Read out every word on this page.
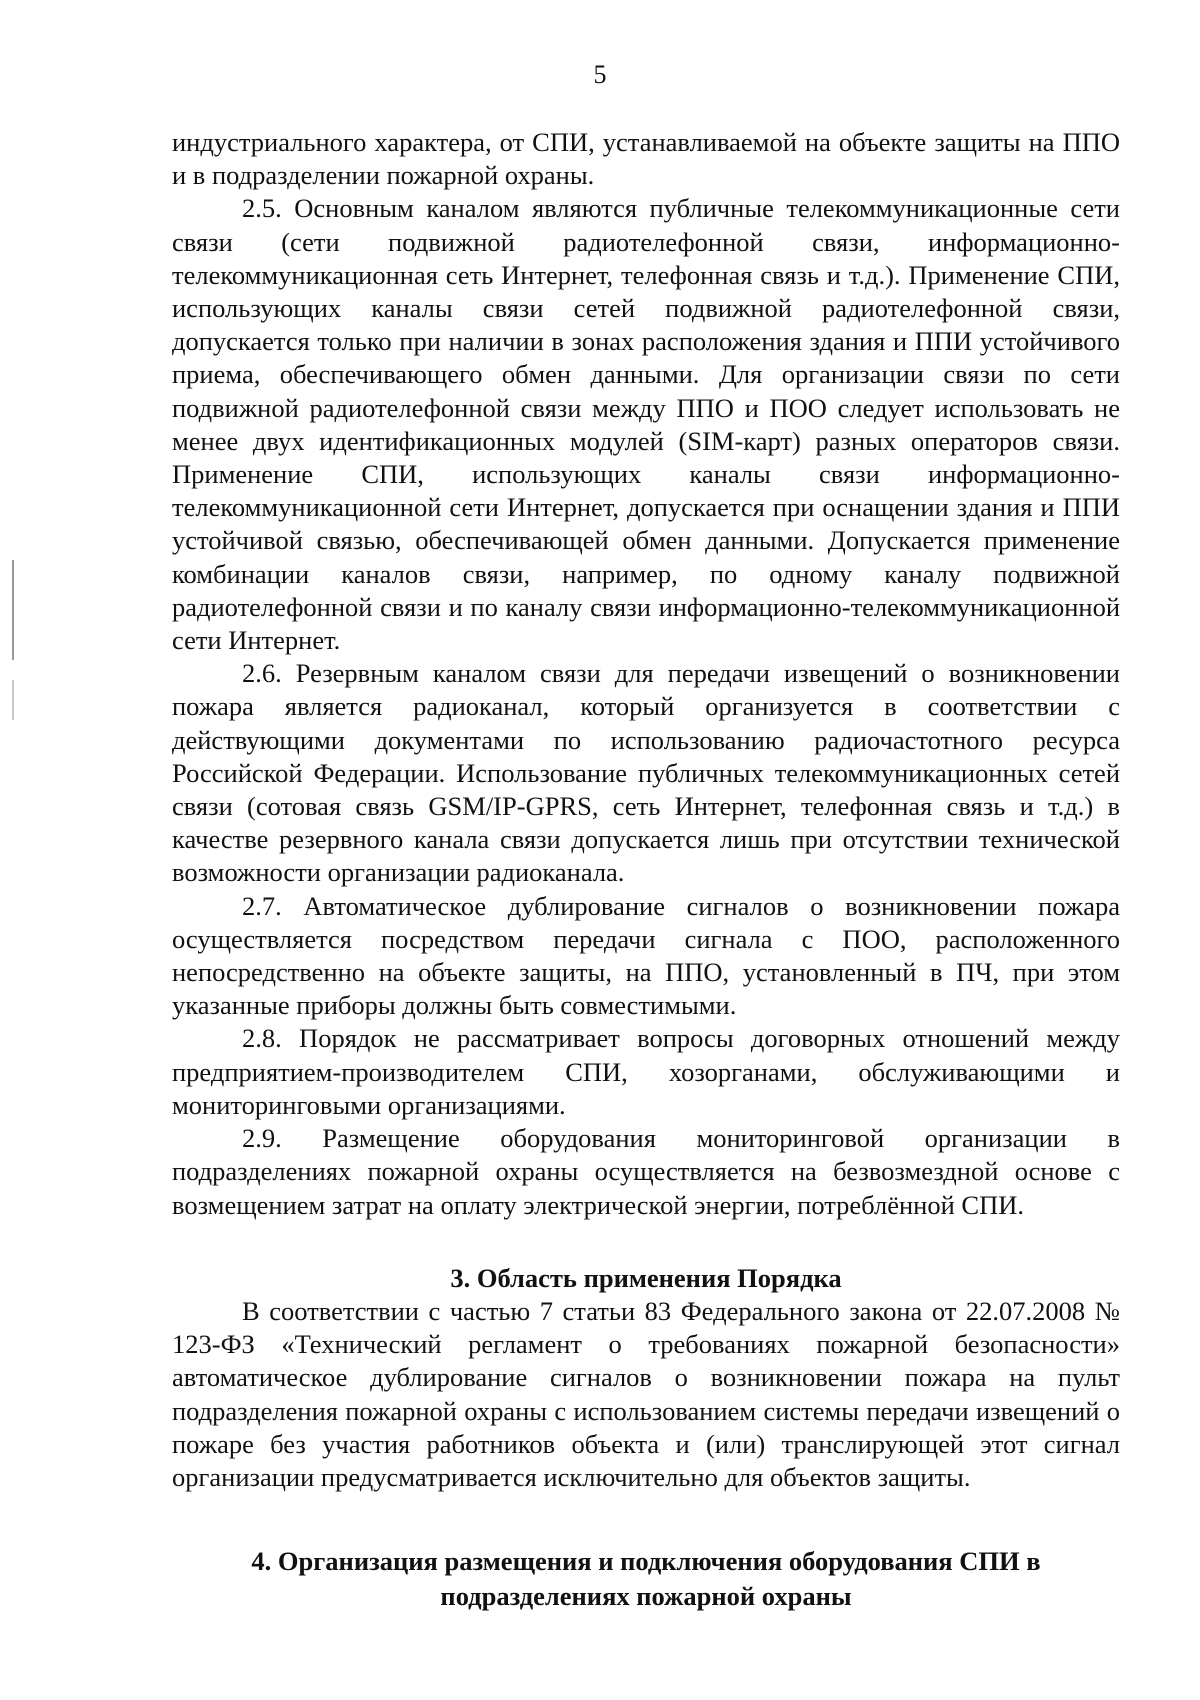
5

индустриального характера, от СПИ, устанавливаемой на объекте защиты на ППО и в подразделении пожарной охраны.

2.5. Основным каналом являются публичные телекоммуникационные сети связи (сети подвижной радиотелефонной связи, информационно-телекоммуникационная сеть Интернет, телефонная связь и т.д.). Применение СПИ, использующих каналы связи сетей подвижной радиотелефонной связи, допускается только при наличии в зонах расположения здания и ППИ устойчивого приема, обеспечивающего обмен данными. Для организации связи по сети подвижной радиотелефонной связи между ППО и ПОО следует использовать не менее двух идентификационных модулей (SIM-карт) разных операторов связи. Применение СПИ, использующих каналы связи информационно-телекоммуникационной сети Интернет, допускается при оснащении здания и ППИ устойчивой связью, обеспечивающей обмен данными. Допускается применение комбинации каналов связи, например, по одному каналу подвижной радиотелефонной связи и по каналу связи информационно-телекоммуникационной сети Интернет.

2.6. Резервным каналом связи для передачи извещений о возникновении пожара является радиоканал, который организуется в соответствии с действующими документами по использованию радиочастотного ресурса Российской Федерации. Использование публичных телекоммуникационных сетей связи (сотовая связь GSM/IP-GPRS, сеть Интернет, телефонная связь и т.д.) в качестве резервного канала связи допускается лишь при отсутствии технической возможности организации радиоканала.

2.7. Автоматическое дублирование сигналов о возникновении пожара осуществляется посредством передачи сигнала с ПОО, расположенного непосредственно на объекте защиты, на ППО, установленный в ПЧ, при этом указанные приборы должны быть совместимыми.

2.8. Порядок не рассматривает вопросы договорных отношений между предприятием-производителем СПИ, хозорганами, обслуживающими и мониторинговыми организациями.

2.9. Размещение оборудования мониторинговой организации в подразделениях пожарной охраны осуществляется на безвозмездной основе с возмещением затрат на оплату электрической энергии, потреблённой СПИ.

3. Область применения Порядка

В соответствии с частью 7 статьи 83 Федерального закона от 22.07.2008 № 123-ФЗ «Технический регламент о требованиях пожарной безопасности» автоматическое дублирование сигналов о возникновении пожара на пульт подразделения пожарной охраны с использованием системы передачи извещений о пожаре без участия работников объекта и (или) транслирующей этот сигнал организации предусматривается исключительно для объектов защиты.

4. Организация размещения и подключения оборудования СПИ в
подразделениях пожарной охраны
